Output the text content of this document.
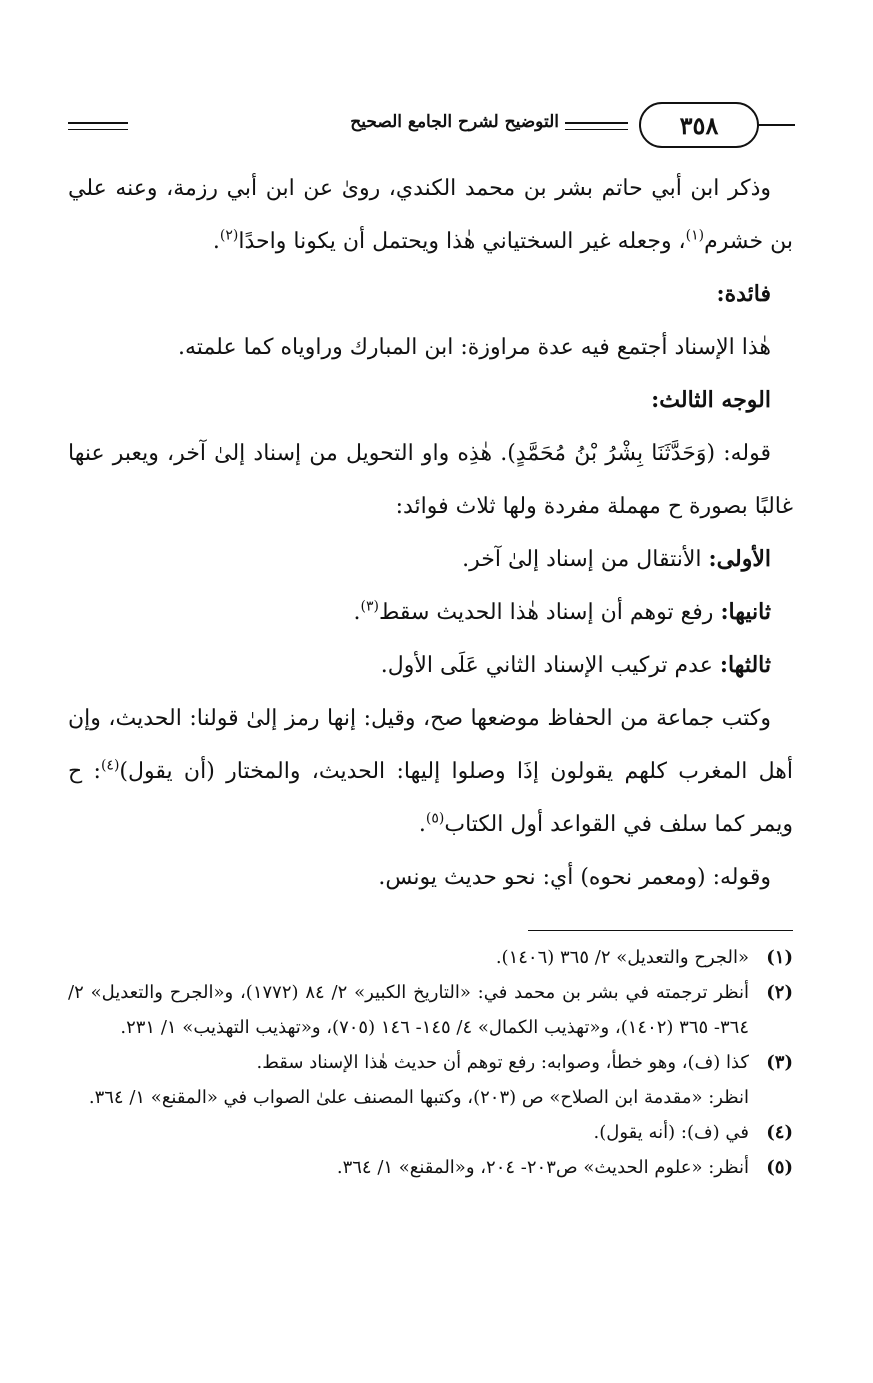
التوضيح لشرح الجامع الصحيح	٣٥٨

وذكر ابن أبي حاتم بشر بن محمد الكندي، روىٰ عن ابن أبي رزمة، وعنه علي بن خشرم$^{(١)}$، وجعله غير السختياني هٰذا ويحتمل أن يكونا واحدًا$^{(٢)}$.

فائدة:

هٰذا الإسناد أجتمع فيه عدة مراوزة: ابن المبارك وراوياه كما علمته.

الوجه الثالث:

قوله: (وَحَدَّثَنَا بِشْرُ بْنُ مُحَمَّدٍ). هٰذِه واو التحويل من إسناد إلىٰ آخر، ويعبر عنها غالبًا بصورة ح مهملة مفردة ولها ثلاث فوائد:

الأولى: الأنتقال من إسناد إلىٰ آخر.

ثانيها: رفع توهم أن إسناد هٰذا الحديث سقط$^{(٣)}$.

ثالثها: عدم تركيب الإسناد الثاني عَلَى الأول.

وكتب جماعة من الحفاظ موضعها صح، وقيل: إنها رمز إلىٰ قولنا: الحديث، وإن أهل المغرب كلهم يقولون إذَا وصلوا إليها: الحديث، والمختار (أن يقول)$^{(٤)}$: ح ويمر كما سلف في القواعد أول الكتاب$^{(٥)}$.

وقوله: (ومعمر نحوه) أي: نحو حديث يونس.

(١)
«الجرح والتعديل» ٢/ ٣٦٥ (١٤٠٦).
(٢)
أنظر ترجمته في بشر بن محمد في: «التاريخ الكبير» ٢/ ٨٤ (١٧٧٢)، و«الجرح والتعديل» ٢/ ٣٦٤- ٣٦٥ (١٤٠٢)، و«تهذيب الكمال» ٤/ ١٤٥- ١٤٦ (٧٠٥)، و«تهذيب التهذيب» ١/ ٢٣١.
(٣)
كذا (ف)، وهو خطأ، وصوابه: رفع توهم أن حديث هٰذا الإسناد سقط.
انظر: «مقدمة ابن الصلاح» ص (٢٠٣)، وكتبها المصنف علىٰ الصواب في «المقنع» ١/ ٣٦٤.
(٤)
في (ف): (أنه يقول).
(٥)
أنظر: «علوم الحديث» ص٢٠٣- ٢٠٤، و«المقنع» ١/ ٣٦٤.
